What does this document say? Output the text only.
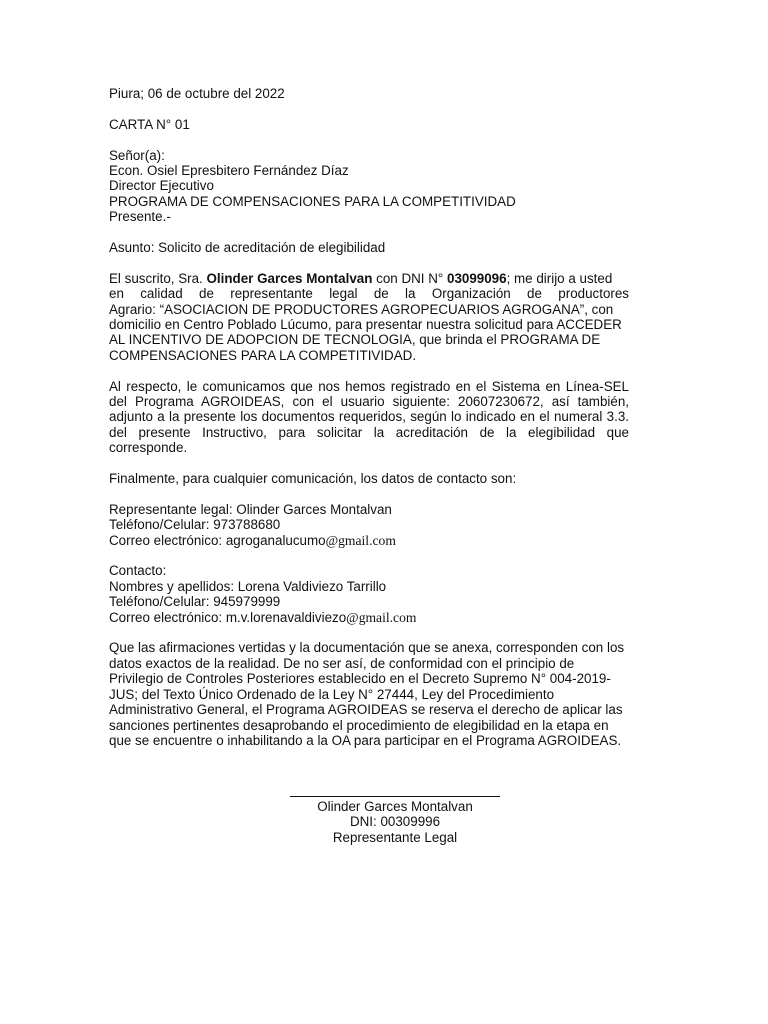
Piura; 06 de octubre del 2022
CARTA N° 01
Señor(a):
Econ. Osiel Epresbitero Fernández Díaz
Director Ejecutivo
PROGRAMA DE COMPENSACIONES PARA LA COMPETITIVIDAD
Presente.-
Asunto: Solicito de acreditación de elegibilidad
El suscrito, Sra. Olinder Garces Montalvan con DNI N° 03099096; me dirijo a usted
en calidad de representante legal de la Organización de productores
Agrario: “ASOCIACION DE PRODUCTORES AGROPECUARIOS AGROGANA”, con
domicilio en Centro Poblado Lúcumo, para presentar nuestra solicitud para ACCEDER
AL INCENTIVO DE ADOPCION DE TECNOLOGIA, que brinda el PROGRAMA DE
COMPENSACIONES PARA LA COMPETITIVIDAD.
Al respecto, le comunicamos que nos hemos registrado en el Sistema en Línea-SEL
del Programa AGROIDEAS, con el usuario siguiente: 20607230672, así también,
adjunto a la presente los documentos requeridos, según lo indicado en el numeral 3.3.
del presente Instructivo, para solicitar la acreditación de la elegibilidad que
corresponde.
Finalmente, para cualquier comunicación, los datos de contacto son:
Representante legal: Olinder Garces Montalvan
Teléfono/Celular: 973788680
Correo electrónico: agroganalucumo@gmail.com
Contacto:
Nombres y apellidos: Lorena Valdiviezo Tarrillo
Teléfono/Celular: 945979999
Correo electrónico: m.v.lorenavaldiviezo@gmail.com
Que las afirmaciones vertidas y la documentación que se anexa, corresponden con los
datos exactos de la realidad. De no ser así, de conformidad con el principio de
Privilegio de Controles Posteriores establecido en el Decreto Supremo N° 004-2019-
JUS; del Texto Único Ordenado de la Ley N° 27444, Ley del Procedimiento
Administrativo General, el Programa AGROIDEAS se reserva el derecho de aplicar las
sanciones pertinentes desaprobando el procedimiento de elegibilidad en la etapa en
que se encuentre o inhabilitando a la OA para participar en el Programa AGROIDEAS.
Olinder Garces Montalvan
DNI: 00309996
Representante Legal
